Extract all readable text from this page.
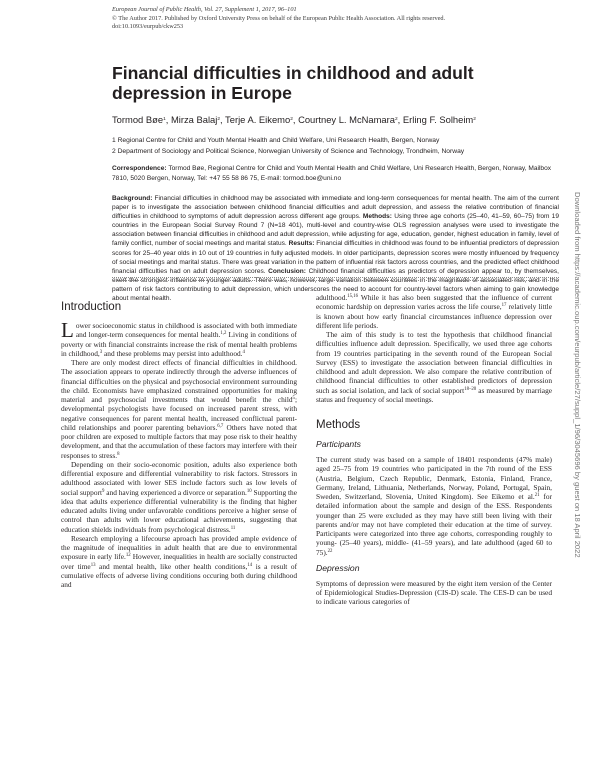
European Journal of Public Health, Vol. 27, Supplement 1, 2017, 96–101
© The Author 2017. Published by Oxford University Press on behalf of the European Public Health Association. All rights reserved.
doi:10.1093/eurpub/ckw253
Financial difficulties in childhood and adult depression in Europe
Tormod Bøe$^1$, Mirza Balaj$^2$, Terje A. Eikemo$^2$, Courtney L. McNamara$^2$, Erling F. Solheim$^2$
1 Regional Centre for Child and Youth Mental Health and Child Welfare, Uni Research Health, Bergen, Norway
2 Department of Sociology and Political Science, Norwegian University of Science and Technology, Trondheim, Norway

Correspondence: Tormod Bøe, Regional Centre for Child and Youth Mental Health and Child Welfare, Uni Research Health, Bergen, Norway, Mailbox 7810, 5020 Bergen, Norway, Tel: +47 55 58 86 75, E-mail: tormod.boe@uni.no

Background: Financial difficulties in childhood may be associated with immediate and long-term consequences for mental health. The aim of the current paper is to investigate the association between childhood financial difficulties and adult depression, and assess the relative contribution of financial difficulties in childhood to symptoms of adult depression across different age groups. Methods: Using three age cohorts (25–40, 41–59, 60–75) from 19 countries in the European Social Survey Round 7 (N=18 401), multi-level and country-wise OLS regression analyses were used to investigate the association between financial difficulties in childhood and adult depression, while adjusting for age, education, gender, highest education in family, level of family conflict, number of social meetings and marital status. Results: Financial difficulties in childhood was found to be influential predictors of depression scores for 25–40 year olds in 10 out of 19 countries in fully adjusted models. In older participants, depression scores were mostly influenced by frequency of social meetings and marital status. There was great variation in the pattern of influential risk factors across countries, and the predicted effect childhood financial difficulties had on adult depression scores. Conclusion: Childhood financial difficulties as predictors of depression appear to, by themselves, exert the strongest influence in younger adults. There was, however, large variation between countries in the magnitude of associated risk, and in the pattern of risk factors contributing to adult depression, which underscores the need to account for country-level factors when aiming to gain knowledge about mental health.

Introduction

Lower socioeconomic status in childhood is associated with both immediate and longer-term consequences for mental health.$^{1,2}$ Living in conditions of poverty or with financial constraints increase the risk of mental health problems in childhood,$^3$ and these problems may persist into adulthood.$^4$

There are only modest direct effects of financial difficulties in childhood. The association appears to operate indirectly through the adverse influences of financial difficulties on the physical and psychosocial environment surrounding the child. Economists have emphasized constrained opportunities for making material and psychosocial investments that would benefit the child$^5$; developmental psychologists have focused on increased parent stress, with negative consequences for parent mental health, increased conflictual parent-child relationships and poorer parenting behaviors.$^{6,7}$ Others have noted that poor children are exposed to multiple factors that may pose risk to their healthy development, and that the accumulation of these factors may interfere with their responses to stress.$^8$

Depending on their socio-economic position, adults also experience both differential exposure and differential vulnerability to risk factors. Stressors in adulthood associated with lower SES include factors such as low levels of social support$^9$ and having experienced a divorce or separation.$^{10}$ Supporting the idea that adults experience differential vulnerability is the finding that higher educated adults living under unfavorable conditions perceive a higher sense of control than adults with lower educational achievements, suggesting that education shields individuals from psychological distress.$^{11}$

Research employing a lifecourse aproach has provided ample evidence of the magnitude of inequalities in adult health that are due to environmental exposure in early life.$^{12}$ However, inequalities in health are socially constructed over time$^{13}$ and mental health, like other health conditions,$^{14}$ is a result of cumulative effects of adverse living conditions occuring both during childhood and

adulthood.$^{15,16}$ While it has also been suggested that the influence of current economic hardship on depression varies across the life course,$^{17}$ relatively little is known about how early financial circumstances influence depression over different life periods.

The aim of this study is to test the hypothesis that childhood financial difficulties influence adult depression. Specifically, we used three age cohorts from 19 countries participating in the seventh round of the European Social Survey (ESS) to investigate the association between financial difficulties in childhood and adult depression. We also compare the relative contribution of childhood financial difficulties to other established predictors of depression such as social isolation, and lack of social support$^{18-20}$ as measured by marriage status and frequency of social meetings.

Methods
Participants

The current study was based on a sample of 18401 respondents (47% male) aged 25–75 from 19 countries who participated in the 7th round of the ESS (Austria, Belgium, Czech Republic, Denmark, Estonia, Finland, France, Germany, Ireland, Lithuania, Netherlands, Norway, Poland, Portugal, Spain, Sweden, Switzerland, Slovenia, United Kingdom). See Eikemo et al.$^{21}$ for detailed information about the sample and design of the ESS. Respondents younger than 25 were excluded as they may have still been living with their parents and/or may not have completed their education at the time of survey. Participants were categorized into three age cohorts, corresponding roughly to young- (25–40 years), middle- (41–59 years), and late adulthood (aged 60 to 75).$^{22}$

Depression

Symptoms of depression were measured by the eight item version of the Center of Epidemiological Studies-Depression (CIS-D) scale. The CES-D can be used to indicate various categories of

Downloaded from https://academic.oup.com/eurpub/article/27/suppl_1/96/3045696 by guest on 18 April 2022
